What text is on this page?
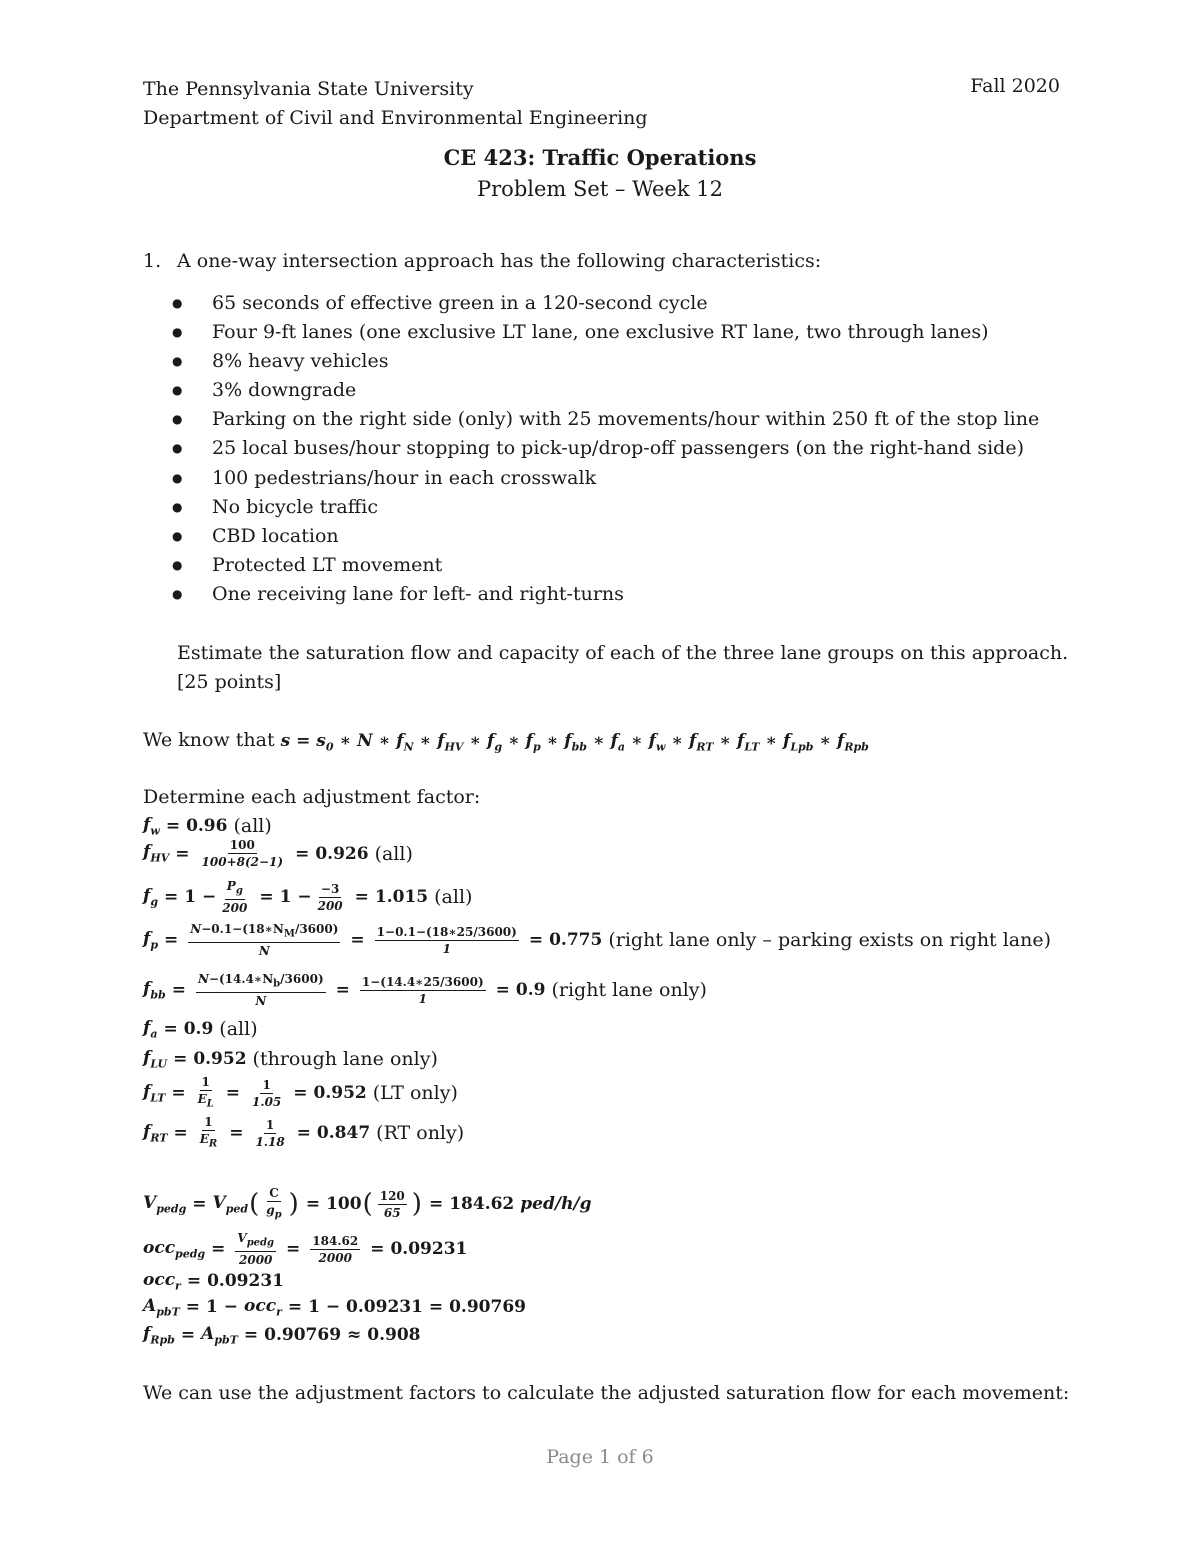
The Pennsylvania State University
Department of Civil and Environmental Engineering
Fall 2020
CE 423: Traffic Operations
Problem Set – Week 12
1. A one-way intersection approach has the following characteristics:
●	65 seconds of effective green in a 120-second cycle
●	Four 9-ft lanes (one exclusive LT lane, one exclusive RT lane, two through lanes)
●	8% heavy vehicles
●	3% downgrade
●	Parking on the right side (only) with 25 movements/hour within 250 ft of the stop line
●	25 local buses/hour stopping to pick-up/drop-off passengers (on the right-hand side)
●	100 pedestrians/hour in each crosswalk
●	No bicycle traffic
●	CBD location
●	Protected LT movement
●	One receiving lane for left- and right-turns
Estimate the saturation flow and capacity of each of the three lane groups on this approach. [25 points]
We know that $s = s_0$ ∗ N ∗ $f_N$ ∗ $f_{HV}$ ∗ $f_g$ ∗ $f_p$ ∗ $f_{bb}$ ∗ $f_a$ ∗ $f_w$ ∗ $f_{RT}$ ∗ $f_{LT}$ ∗ $f_{Lpb}$ ∗ $f_{Rpb}$
Determine each adjustment factor:
$f_w = 0.96$ (all)
$f_{HV} = \frac{100}{100+8(2-1)} = 0.926$ (all)
$f_g = 1 - \frac{P_g}{200} = 1 - \frac{-3}{200} = 1.015$ (all)
$f_p = \frac{N-0.1-(18∗N_M/3600)}{N} = \frac{1-0.1-(18∗25/3600)}{1} = 0.775$ (right lane only – parking exists on right lane)
$f_{bb} = \frac{N-(14.4∗N_b/3600)}{N} = \frac{1-(14.4∗25/3600)}{1} = 0.9$ (right lane only)
$f_a = 0.9$ (all)
$f_{LU} = 0.952$ (through lane only)
$f_{LT} = \frac{1}{E_L} = \frac{1}{1.05} = 0.952$ (LT only)
$f_{RT} = \frac{1}{E_R} = \frac{1}{1.18} = 0.847$ (RT only)
$V_{pedg} = V_{ped}$ ( $\frac{C}{g_p}$ ) = 100 ( $\frac{120}{65}$ ) = 184.62 ped/h/g
$occ_{pedg} = \frac{V_{pedg}}{2000} = \frac{184.62}{2000} = 0.09231$
occ$_r$ = 0.09231
$A_{pbT} = 1 - occ_r = 1 - 0.09231 = 0.90769$
$f_{Rpb} = A_{pbT} = 0.90769 \approx 0.908$
We can use the adjustment factors to calculate the adjusted saturation flow for each movement:
Page 1 of 6
